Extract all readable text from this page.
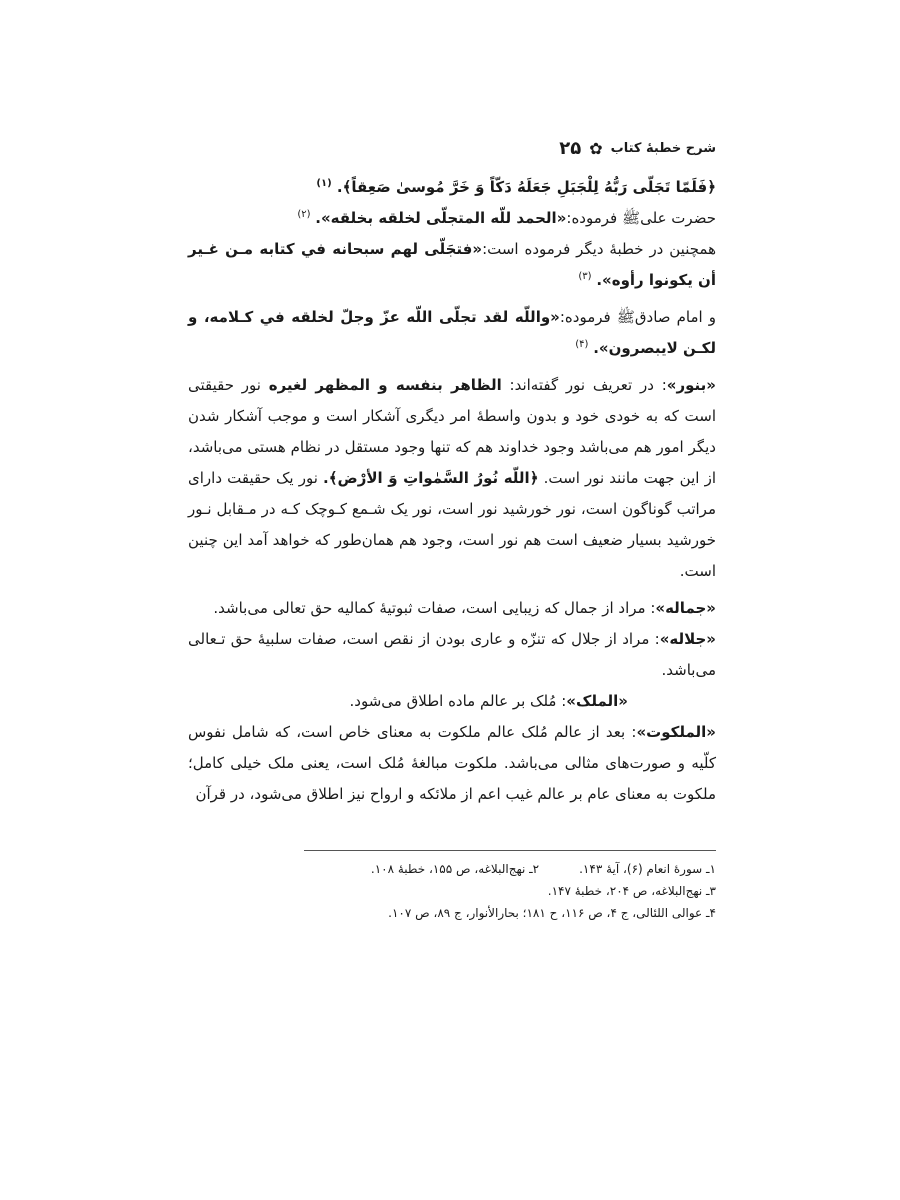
شرح خطبهٔ کتاب
✿
۲۵

﴿فَلَمّا تَجَلّی رَبُّهُ لِلْجَبَلِ جَعَلَهُ دَکّاً وَ خَرَّ مُوسیٰ صَعِقاً﴾. $^{(۱)}$

حضرت علیﷺ فرموده:«الحمد للّه المتجلّی لخلقه بخلقه». $^{(۲)}$

همچنین در خطبهٔ دیگر فرموده است:«فتجَلّی لهم سبحانه في کتابه مـن غـیر أن یکونوا رأوه». $^{(۳)}$

و امام صادقﷺ فرموده:«واللّه لقد تجلّی اللّه عزّ وجلّ لخلقه في کـلامه، و لکـن لایبصرون». $^{(۴)}$

«بنور»: در تعریف نور گفته‌اند: الظاهر بنفسه و المظهر لغیره نور حقیقتی است که به خودی خود و بدون واسطهٔ امر دیگری آشکار است و موجب آشکار شدن دیگر امور هم می‌باشد وجود خداوند هم که تنها وجود مستقل در نظام هستی می‌باشد، از این جهت مانند نور است. ﴿اللّه نُورُ السَّمٰواتِ وَ الأرْض﴾. نور یک حقیقت دارای مراتب گوناگون است، نور خورشید نور است، نور یک شـمع کـوچک کـه در مـقابل نـور خورشید بسیار ضعیف است هم نور است، وجود هم همان‌طور که خواهد آمد این چنین است.

«جماله»: مراد از جمال که زیبایی است، صفات ثبوتیهٔ کمالیه حق تعالی می‌باشد.

«جلاله»: مراد از جلال که تنزّه و عاری بودن از نقص است، صفات سلبیهٔ حق تـعالی می‌باشد.

«الملک»: مُلک بر عالم ماده اطلاق می‌شود.

«الملکوت»: بعد از عالم مُلک عالم ملکوت به معنای خاص است، که شامل نفوس کلّیه و صورت‌های مثالی می‌باشد. ملکوت مبالغهٔ مُلک است، یعنی ملک خیلی کامل؛ ملکوت به معنای عام بر عالم غیب اعم از ملائکه و ارواح نیز اطلاق می‌شود، در قرآن

۱ـ سورهٔ انعام (۶)، آیهٔ ۱۴۳.
۲ـ نهج‌البلاغه، ص ۱۵۵، خطبهٔ ۱۰۸.
۳ـ نهج‌البلاغه، ص ۲۰۴، خطبهٔ ۱۴۷.
۴ـ عوالی اللئالی، ج ۴، ص ۱۱۶، ح ۱۸۱؛ بحارالأنوار، ج ۸۹، ص ۱۰۷.
